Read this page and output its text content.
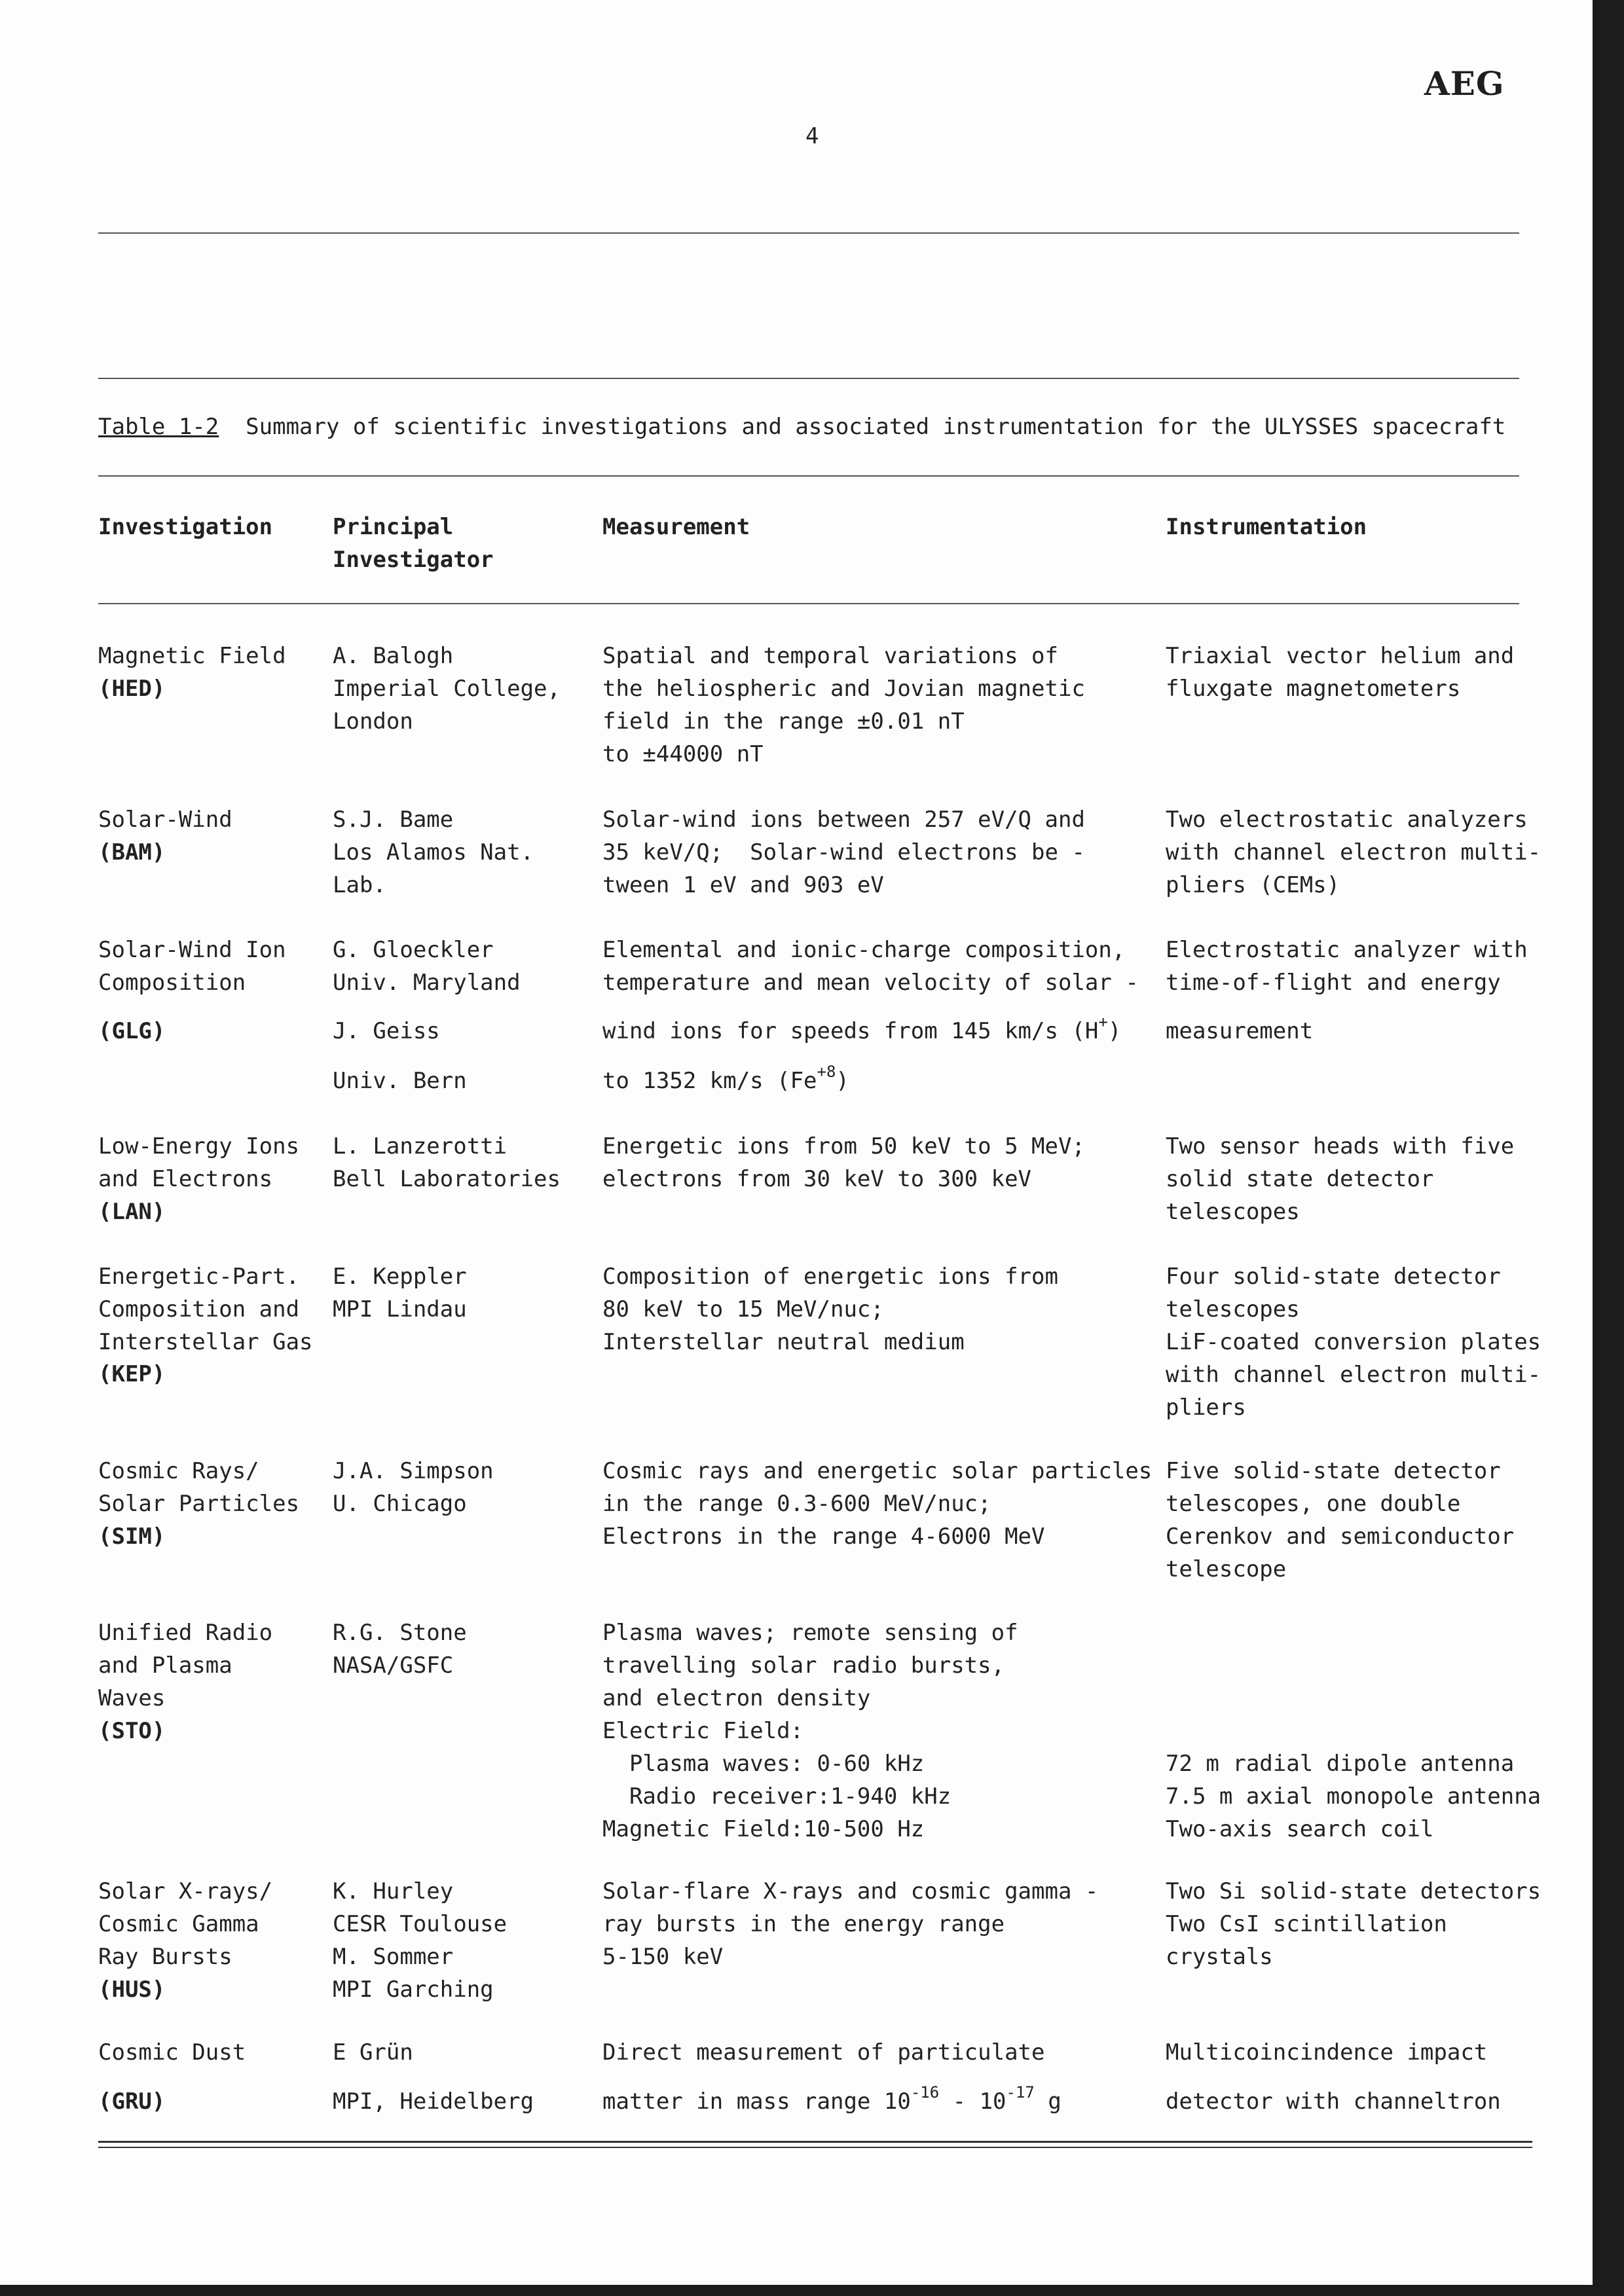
AEG
4
Table 1-2  Summary of scientific investigations and associated instrumentation for the ULYSSES spacecraft
Investigation	Principal
Investigator
Measurement	Instrumentation
Magnetic Field
(HED)
A. Balogh
Imperial College,
London
Spatial and temporal variations of
the heliospheric and Jovian magnetic
field in the range ±0.01 nT
to ±44000 nT
Triaxial vector helium and
fluxgate magnetometers
Solar-Wind
(BAM)
S.J. Bame
Los Alamos Nat.
Lab.
Solar-wind ions between 257 eV/Q and
35 keV/Q;  Solar-wind electrons be -
tween 1 eV and 903 eV
Two electrostatic analyzers
with channel electron multi-
pliers (CEMs)
Solar-Wind Ion
Composition
(GLG)
G. Gloeckler
Univ. Maryland
J. Geiss
Univ. Bern
Elemental and ionic-charge composition,
temperature and mean velocity of solar -
wind ions for speeds from 145 km/s (H+)
to 1352 km/s $(Fe^{+8})$
Electrostatic analyzer with
time-of-flight and energy
measurement
Low-Energy Ions
and Electrons
(LAN)
L. Lanzerotti
Bell Laboratories
Energetic ions from 50 keV to 5 MeV;
electrons from 30 keV to 300 keV
Two sensor heads with five
solid state detector
telescopes
Energetic-Part.
Composition and
Interstellar Gas
(KEP)
E. Keppler
MPI Lindau
Composition of energetic ions from
80 keV to 15 MeV/nuc;
Interstellar neutral medium
Four solid-state detector
telescopes
LiF-coated conversion plates
with channel electron multi-
pliers
Cosmic Rays/
Solar Particles
(SIM)
J.A. Simpson
U. Chicago
Cosmic rays and energetic solar particles
in the range 0.3-600 MeV/nuc;
Electrons in the range 4-6000 MeV
Five solid-state detector
telescopes, one double
Cerenkov and semiconductor
telescope
Unified Radio
and Plasma
Waves
(STO)
R.G. Stone
NASA/GSFC
Plasma waves; remote sensing of
travelling solar radio bursts,
and electron density
Electric Field:
Plasma waves: 0-60 kHz
Radio receiver:1-940 kHz
Magnetic Field:10-500 Hz
72 m radial dipole antenna
7.5 m axial monopole antenna
Two-axis search coil
Solar X-rays/
Cosmic Gamma
Ray Bursts
(HUS)
K. Hurley
CESR Toulouse
M. Sommer
MPI Garching
Solar-flare X-rays and cosmic gamma -
ray bursts in the energy range
5-150 keV
Two Si solid-state detectors
Two CsI scintillation
crystals
Cosmic Dust
(GRU)
E Grün
MPI, Heidelberg
Direct measurement of particulate
matter in mass range $10^{-16} - 10^{-17}$ g
Multicoincindence impact
detector with channeltron
